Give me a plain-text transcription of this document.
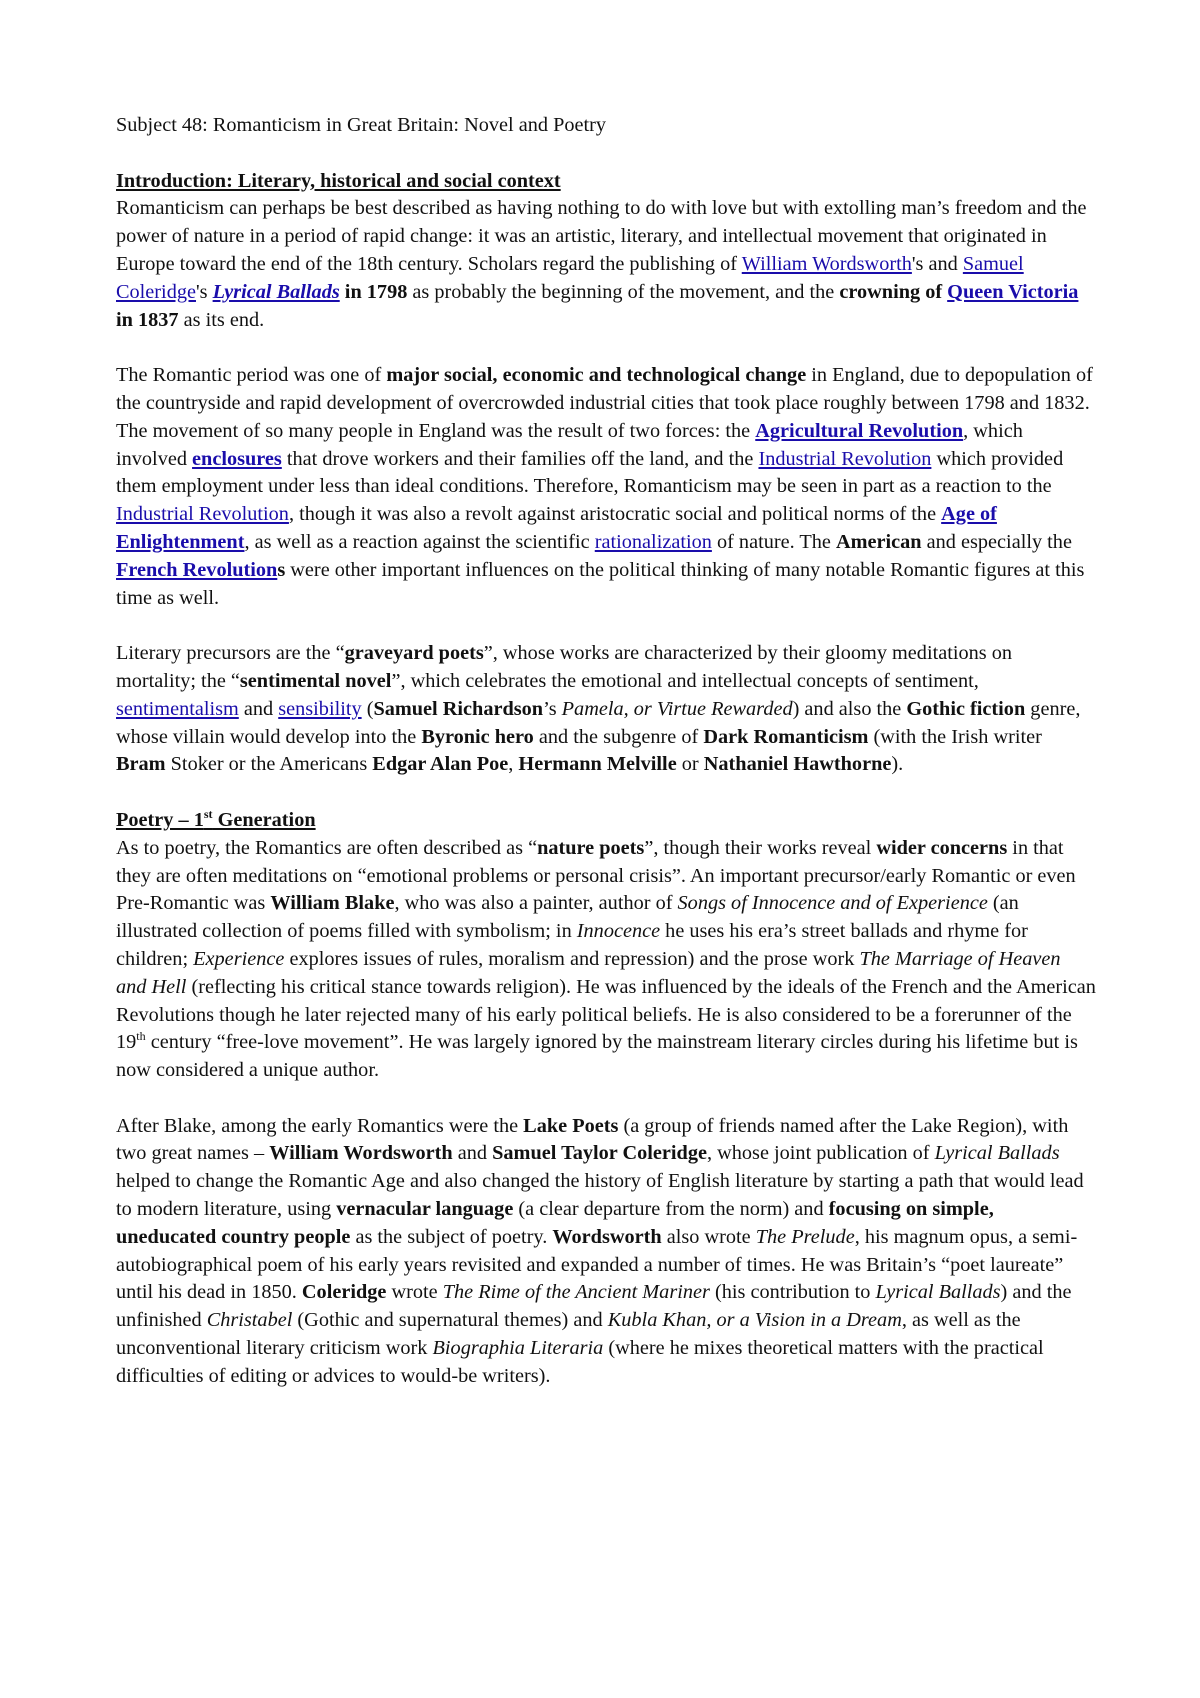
Subject 48: Romanticism in Great Britain: Novel and Poetry

Introduction: Literary, historical and social context

Romanticism can perhaps be best described as having nothing to do with love but with extolling man’s freedom and the power of nature in a period of rapid change: it was an artistic, literary, and intellectual movement that originated in Europe toward the end of the 18th century. Scholars regard the publishing of William Wordsworth's and Samuel Coleridge's Lyrical Ballads in 1798 as probably the beginning of the movement, and the crowning of Queen Victoria in 1837 as its end.

The Romantic period was one of major social, economic and technological change in England, due to depopulation of the countryside and rapid development of overcrowded industrial cities that took place roughly between 1798 and 1832. The movement of so many people in England was the result of two forces: the Agricultural Revolution, which involved enclosures that drove workers and their families off the land, and the Industrial Revolution which provided them employment under less than ideal conditions. Therefore, Romanticism may be seen in part as a reaction to the Industrial Revolution, though it was also a revolt against aristocratic social and political norms of the Age of Enlightenment, as well as a reaction against the scientific rationalization of nature. The American and especially the French Revolutions were other important influences on the political thinking of many notable Romantic figures at this time as well.

Literary precursors are the “graveyard poets”, whose works are characterized by their gloomy meditations on mortality; the “sentimental novel”, which celebrates the emotional and intellectual concepts of sentiment, sentimentalism and sensibility (Samuel Richardson’s Pamela, or Virtue Rewarded) and also the Gothic fiction genre, whose villain would develop into the Byronic hero and the subgenre of Dark Romanticism (with the Irish writer Bram Stoker or the Americans Edgar Alan Poe, Hermann Melville or Nathaniel Hawthorne).

Poetry – 1st Generation

As to poetry, the Romantics are often described as “nature poets”, though their works reveal wider concerns in that they are often meditations on “emotional problems or personal crisis”. An important precursor/early Romantic or even Pre-Romantic was William Blake, who was also a painter, author of Songs of Innocence and of Experience (an illustrated collection of poems filled with symbolism; in Innocence he uses his era’s street ballads and rhyme for children; Experience explores issues of rules, moralism and repression) and the prose work The Marriage of Heaven and Hell (reflecting his critical stance towards religion). He was influenced by the ideals of the French and the American Revolutions though he later rejected many of his early political beliefs. He is also considered to be a forerunner of the 19th century “free-love movement”. He was largely ignored by the mainstream literary circles during his lifetime but is now considered a unique author.

After Blake, among the early Romantics were the Lake Poets (a group of friends named after the Lake Region), with two great names – William Wordsworth and Samuel Taylor Coleridge, whose joint publication of Lyrical Ballads helped to change the Romantic Age and also changed the history of English literature by starting a path that would lead to modern literature, using vernacular language (a clear departure from the norm) and focusing on simple, uneducated country people as the subject of poetry. Wordsworth also wrote The Prelude, his magnum opus, a semi-autobiographical poem of his early years revisited and expanded a number of times. He was Britain’s “poet laureate” until his dead in 1850. Coleridge wrote The Rime of the Ancient Mariner (his contribution to Lyrical Ballads) and the unfinished Christabel (Gothic and supernatural themes) and Kubla Khan, or a Vision in a Dream, as well as the unconventional literary criticism work Biographia Literaria (where he mixes theoretical matters with the practical difficulties of editing or advices to would-be writers).
